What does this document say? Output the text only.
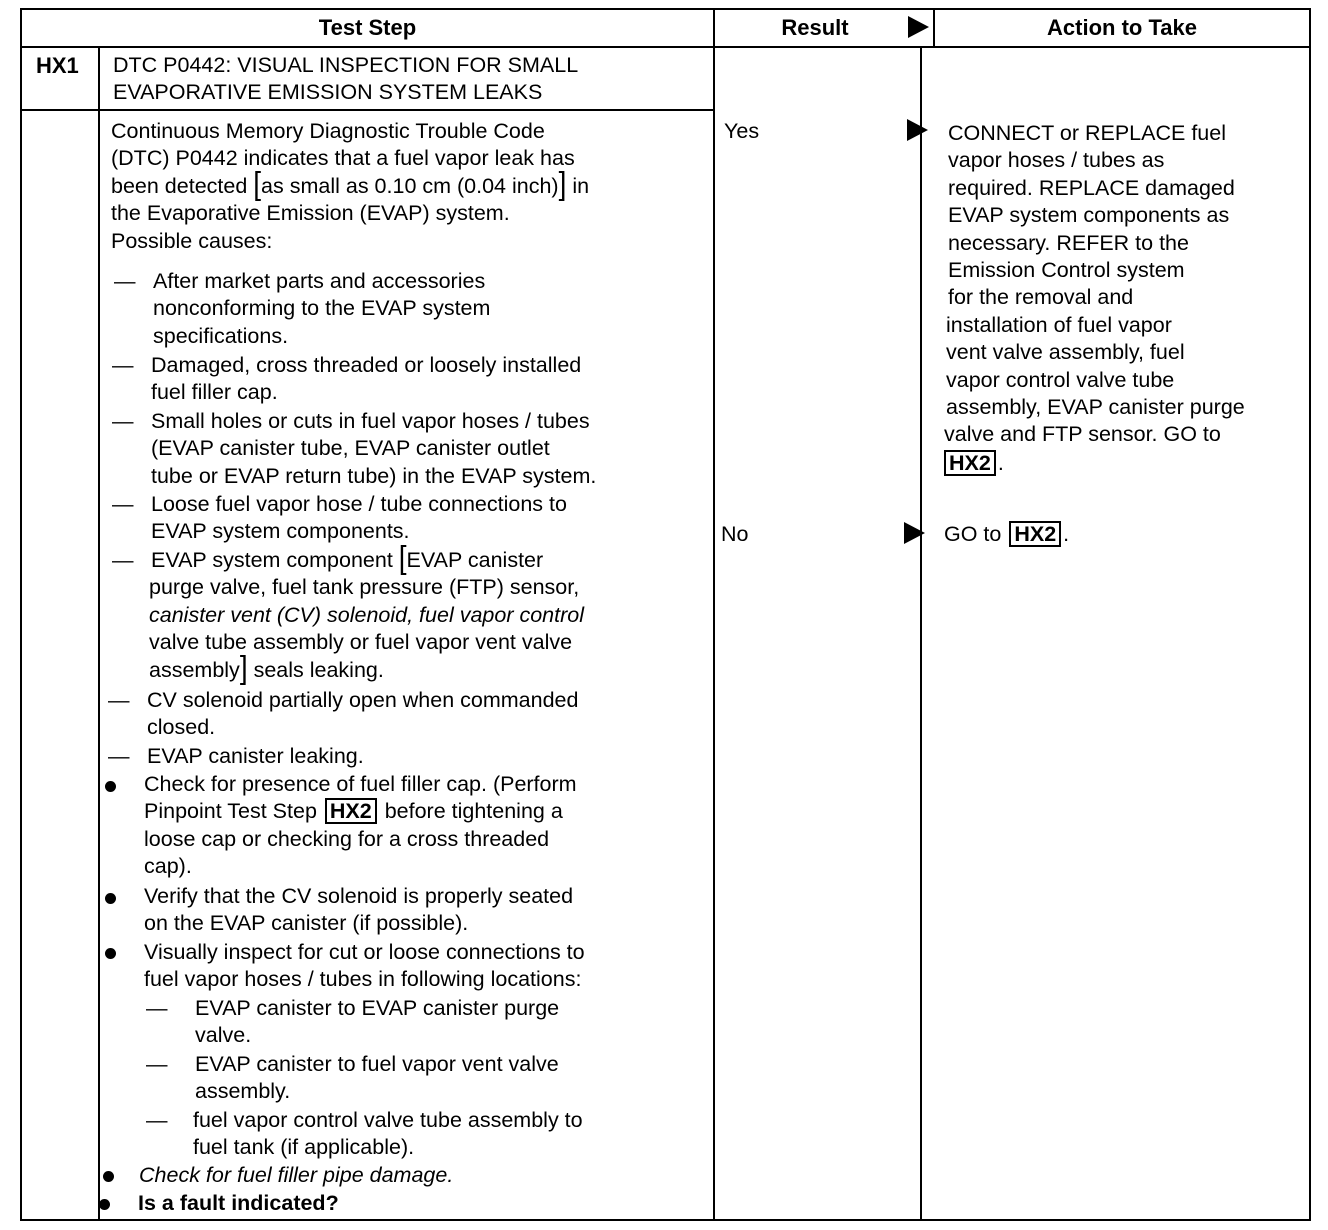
Test Step	Result	Action to Take
HX1 DTC P0442: VISUAL INSPECTION FOR SMALL
EVAPORATIVE EMISSION SYSTEM LEAKS
Continuous Memory Diagnostic Trouble Code
(DTC) P0442 indicates that a fuel vapor leak has
been detected [as small as 0.10 cm (0.04 inch)] in
the Evaporative Emission (EVAP) system.
Possible causes:
— After market parts and accessories
nonconforming to the EVAP system
specifications.
— Damaged, cross threaded or loosely installed
fuel filler cap.
— Small holes or cuts in fuel vapor hoses / tubes
(EVAP canister tube, EVAP canister outlet
tube or EVAP return tube) in the EVAP system.
— Loose fuel vapor hose / tube connections to
EVAP system components.
— EVAP system component [EVAP canister
purge valve, fuel tank pressure (FTP) sensor,
canister vent (CV) solenoid, fuel vapor control
valve tube assembly or fuel vapor vent valve
assembly] seals leaking.
— CV solenoid partially open when commanded
closed.
— EVAP canister leaking.
Check for presence of fuel filler cap. (Perform
Pinpoint Test Step HX2 before tightening a
loose cap or checking for a cross threaded
cap).
Verify that the CV solenoid is properly seated
on the EVAP canister (if possible).
Visually inspect for cut or loose connections to
fuel vapor hoses / tubes in following locations:
— EVAP canister to EVAP canister purge
valve.
— EVAP canister to fuel vapor vent valve
assembly.
— fuel vapor control valve tube assembly to
fuel tank (if applicable).
Check for fuel filler pipe damage.
Is a fault indicated?
Yes
No
CONNECT or REPLACE fuel
vapor hoses / tubes as
required. REPLACE damaged
EVAP system components as
necessary. REFER to the
Emission Control system
for the removal and
installation of fuel vapor
vent valve assembly, fuel
vapor control valve tube
assembly, EVAP canister purge
valve and FTP sensor. GO to
HX2 .
GO to HX2 .
